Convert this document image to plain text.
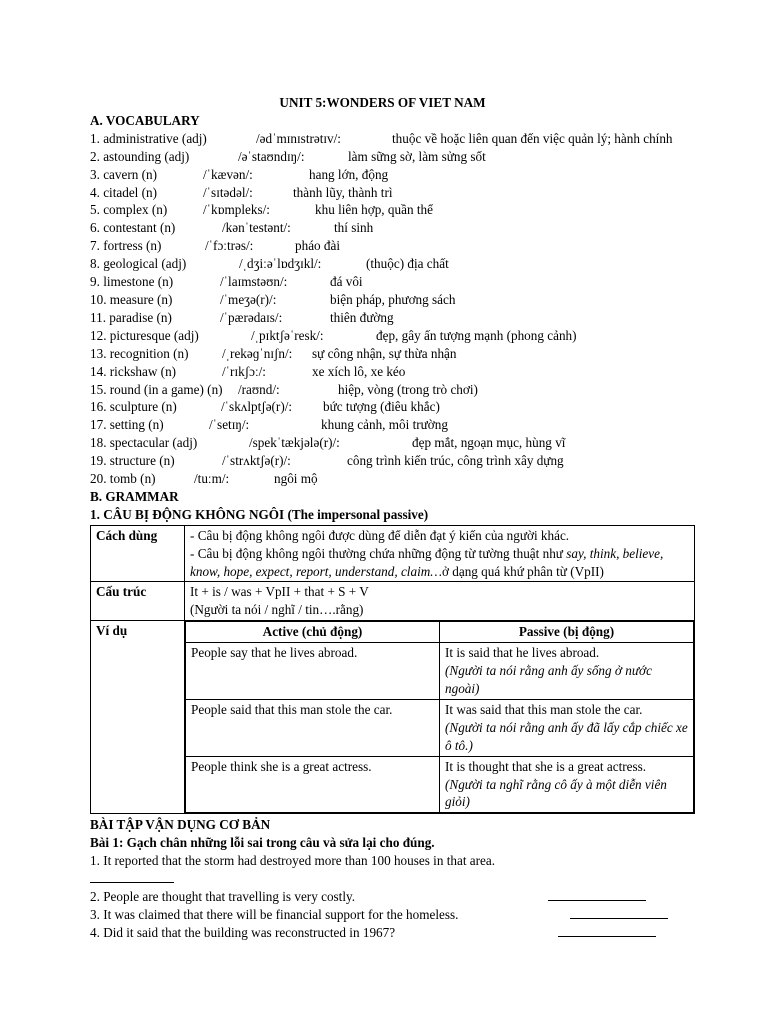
UNIT 5:WONDERS OF VIET NAM
A. VOCABULARY
1. administrative (adj)	/ədˈmɪnɪstrətɪv/:	thuộc về hoặc liên quan đến việc quản lý; hành chính
2. astounding (adj)	/əˈstaʊndɪŋ/:	làm sững sờ, làm sửng sốt
3. cavern (n)	/ˈkævən/:	hang lớn, động
4. citadel (n)	/ˈsɪtədəl/:	thành lũy, thành trì
5. complex (n)	/ˈkɒmpleks/:	khu liên hợp, quần thể
6. contestant (n)	/kənˈtestənt/:	thí sinh
7. fortress (n)	/ˈfɔːtrəs/:	pháo đài
8. geological (adj)	/ˌdʒiːəˈlɒdʒɪkl/:	(thuộc) địa chất
9. limestone (n)	/ˈlaɪmstəʊn/:	đá vôi
10. measure (n)	/ˈmeʒə(r)/:	biện pháp, phương sách
11. paradise (n)	/ˈpærədaɪs/:	thiên đường
12. picturesque (adj)	/ˌpɪktʃəˈresk/:	đẹp, gây ấn tượng mạnh (phong cảnh)
13. recognition (n)	/ˌrekəɡˈnɪʃn/:	sự công nhận, sự thừa nhận
14. rickshaw (n)	/ˈrɪkʃɔː/:	xe xích lô, xe kéo
15. round (in a game) (n)	/raʊnd/:	hiệp, vòng (trong trò chơi)
16. sculpture (n)	/ˈskʌlptʃə(r)/:	bức tượng (điêu khắc)
17. setting (n)	/ˈsetɪŋ/:	khung cảnh, môi trường
18. spectacular (adj)	/spekˈtækjələ(r)/:	đẹp mắt, ngoạn mục, hùng vĩ
19. structure (n)	/ˈstrʌktʃə(r)/:	công trình kiến trúc, công trình xây dựng
20. tomb (n)	/tuːm/:	ngôi mộ
B. GRAMMAR
1. CÂU BỊ ĐỘNG KHÔNG NGÔI (The impersonal passive)
Cách dùng	- Câu bị động không ngôi được dùng để diễn đạt ý kiến của người khác.
- Câu bị động không ngôi thường chứa những động từ tường thuật như say, think, believe, know, hope, expect, report, understand, claim…ở dạng quá khứ phân từ (VpII)

Cấu trúc	It + is / was + VpII + that + S + V
(Người ta nói / nghĩ / tin….rằng)

Ví dụ		Active (chủ động)	Passive (bị động)
People say that he lives abroad.	It is said that he lives abroad.
(Người ta nói rằng anh ấy sống ở nước ngoài)

People said that this man stole the car.	It was said that this man stole the car.
(Người ta nói rằng anh ấy đã lấy cắp chiếc xe ô tô.)

People think she is a great actress.	It is thought that she is a great actress.
(Người ta nghĩ rằng cô ấy à một diễn viên giỏi)
BÀI TẬP VẬN DỤNG CƠ BẢN
Bài 1: Gạch chân những lỗi sai trong câu và sửa lại cho đúng.
1. It reported that the storm had destroyed more than 100 houses in that area.
2. People are thought that travelling is very costly.
3. It was claimed that there will be financial support for the homeless.
4. Did it said that the building was reconstructed in 1967?
